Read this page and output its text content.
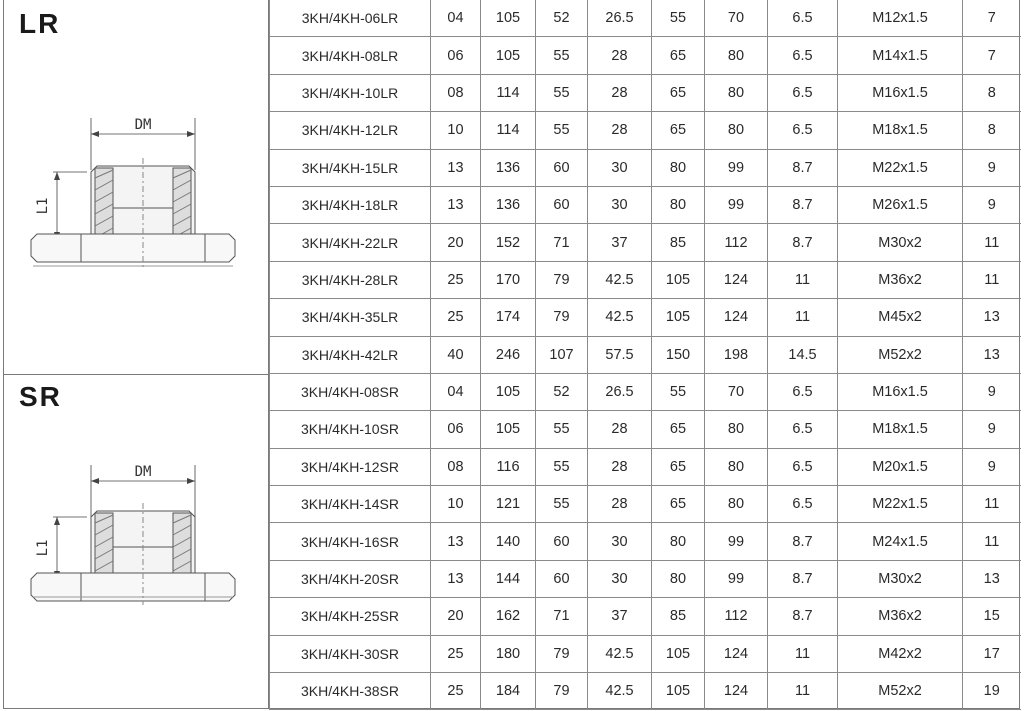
LR
DM
L1
SR
DM
L1
3KH/4KH-06LR	04	105	52	26.5	55	70	6.5	M12x1.5	7
3KH/4KH-08LR	06	105	55	28	65	80	6.5	M14x1.5	7
3KH/4KH-10LR	08	114	55	28	65	80	6.5	M16x1.5	8
3KH/4KH-12LR	10	114	55	28	65	80	6.5	M18x1.5	8
3KH/4KH-15LR	13	136	60	30	80	99	8.7	M22x1.5	9
3KH/4KH-18LR	13	136	60	30	80	99	8.7	M26x1.5	9
3KH/4KH-22LR	20	152	71	37	85	112	8.7	M30x2	11
3KH/4KH-28LR	25	170	79	42.5	105	124	11	M36x2	11
3KH/4KH-35LR	25	174	79	42.5	105	124	11	M45x2	13
3KH/4KH-42LR	40	246	107	57.5	150	198	14.5	M52x2	13
3KH/4KH-08SR	04	105	52	26.5	55	70	6.5	M16x1.5	9
3KH/4KH-10SR	06	105	55	28	65	80	6.5	M18x1.5	9
3KH/4KH-12SR	08	116	55	28	65	80	6.5	M20x1.5	9
3KH/4KH-14SR	10	121	55	28	65	80	6.5	M22x1.5	11
3KH/4KH-16SR	13	140	60	30	80	99	8.7	M24x1.5	11
3KH/4KH-20SR	13	144	60	30	80	99	8.7	M30x2	13
3KH/4KH-25SR	20	162	71	37	85	112	8.7	M36x2	15
3KH/4KH-30SR	25	180	79	42.5	105	124	11	M42x2	17
3KH/4KH-38SR	25	184	79	42.5	105	124	11	M52x2	19
